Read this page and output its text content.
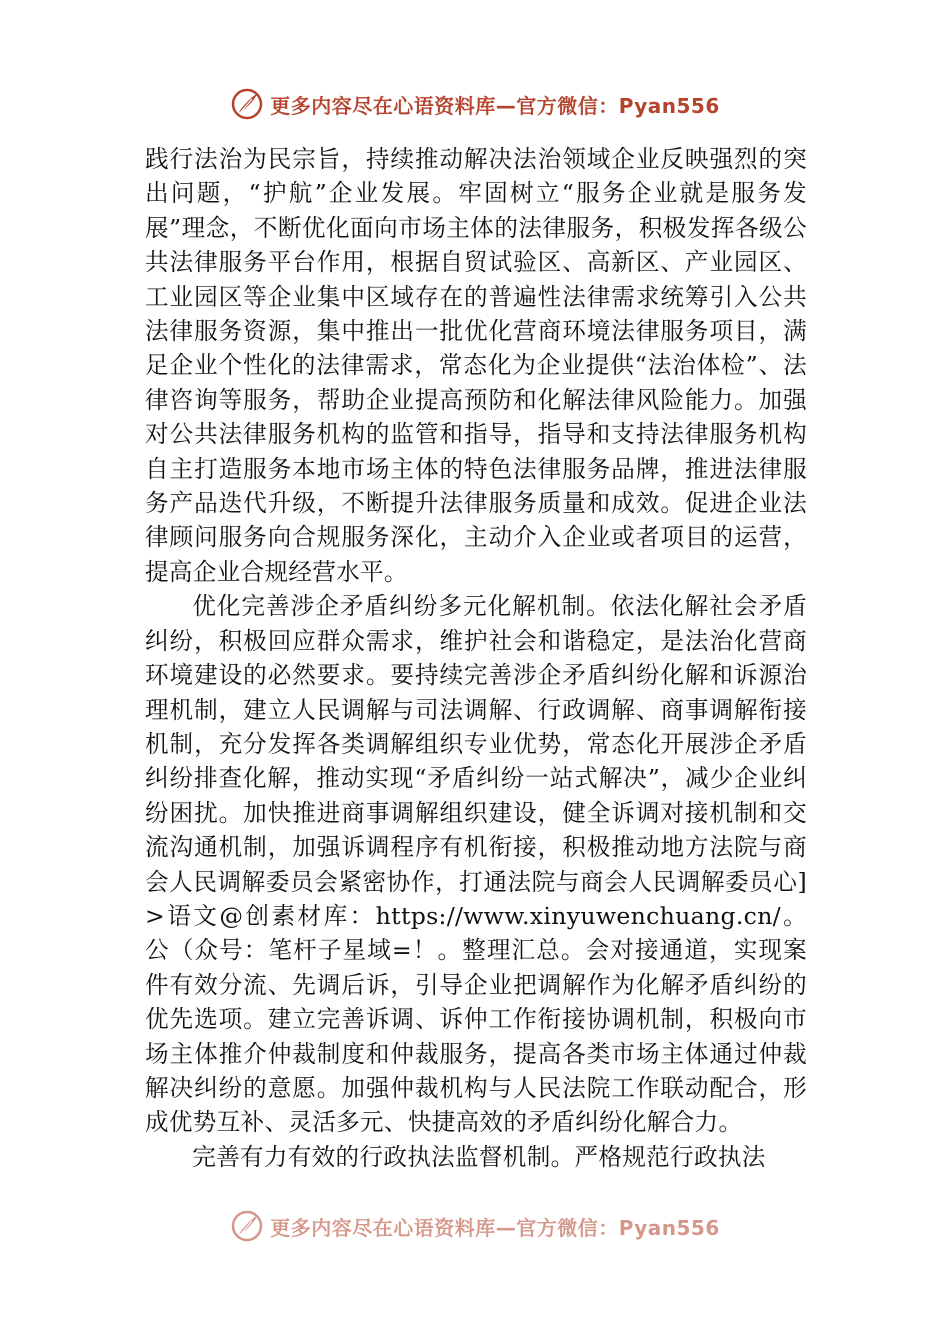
更多内容尽在心语资料库—官方微信：Pyan556

践行法治为民宗旨，持续推动解决法治领域企业反映强烈的突出问题，“护航”企业发展。牢固树立“服务企业就是服务发展”理念，不断优化面向市场主体的法律服务，积极发挥各级公共法律服务平台作用，根据自贸试验区、高新区、产业园区、工业园区等企业集中区域存在的普遍性法律需求统筹引入公共法律服务资源，集中推出一批优化营商环境法律服务项目，满足企业个性化的法律需求，常态化为企业提供“法治体检”、法律咨询等服务，帮助企业提高预防和化解法律风险能力。加强对公共法律服务机构的监管和指导，指导和支持法律服务机构自主打造服务本地市场主体的特色法律服务品牌，推进法律服务产品迭代升级，不断提升法律服务质量和成效。促进企业法律顾问服务向合规服务深化，主动介入企业或者项目的运营，提高企业合规经营水平。

优化完善涉企矛盾纠纷多元化解机制。依法化解社会矛盾纠纷，积极回应群众需求，维护社会和谐稳定，是法治化营商环境建设的必然要求。要持续完善涉企矛盾纠纷化解和诉源治理机制，建立人民调解与司法调解、行政调解、商事调解衔接机制，充分发挥各类调解组织专业优势，常态化开展涉企矛盾纠纷排查化解，推动实现“矛盾纠纷一站式解决”，减少企业纠纷困扰。加快推进商事调解组织建设，健全诉调对接机制和交流沟通机制，加强诉调程序有机衔接，积极推动地方法院与商会人民调解委员会紧密协作，打通法院与商会人民调解委员心]>语文@创素材库：https://www.xinyuwenchuang.cn/。公（众号：笔杆子星域=！。整理汇总。会对接通道，实现案件有效分流、先调后诉，引导企业把调解作为化解矛盾纠纷的优先选项。建立完善诉调、诉仲工作衔接协调机制，积极向市场主体推介仲裁制度和仲裁服务，提高各类市场主体通过仲裁解决纠纷的意愿。加强仲裁机构与人民法院工作联动配合，形成优势互补、灵活多元、快捷高效的矛盾纠纷化解合力。

完善有力有效的行政执法监督机制。严格规范行政执法

更多内容尽在心语资料库—官方微信：Pyan556
